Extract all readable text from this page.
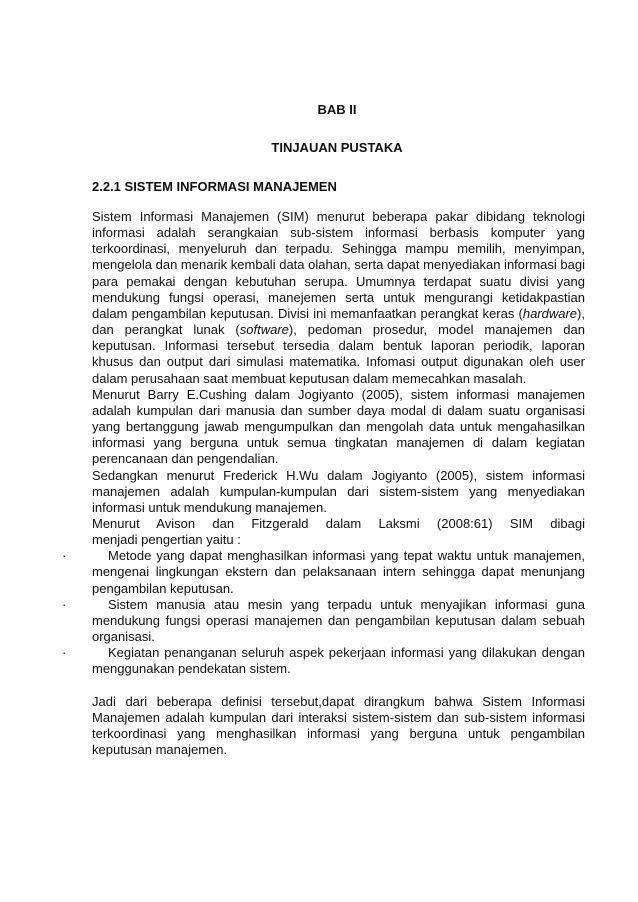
BAB II
TINJAUAN PUSTAKA
2.2.1 SISTEM INFORMASI MANAJEMEN

Sistem Informasi Manajemen (SIM) menurut beberapa pakar dibidang teknologi informasi adalah serangkaian sub-sistem informasi berbasis komputer yang terkoordinasi, menyeluruh dan terpadu. Sehingga mampu memilih, menyimpan, mengelola dan menarik kembali data olahan, serta dapat menyediakan informasi bagi para pemakai dengan kebutuhan serupa. Umumnya terdapat suatu divisi yang mendukung fungsi operasi, manejemen serta untuk mengurangi ketidakpastian dalam pengambilan keputusan. Divisi ini memanfaatkan perangkat keras (hardware), dan perangkat lunak (software), pedoman prosedur, model manajemen dan keputusan. Informasi tersebut tersedia dalam bentuk laporan periodik, laporan khusus dan output dari simulasi matematika. Infomasi output digunakan oleh user dalam perusahaan saat membuat keputusan dalam memecahkan masalah.

Menurut Barry E.Cushing dalam Jogiyanto (2005), sistem informasi manajemen adalah kumpulan dari manusia dan sumber daya modal di dalam suatu organisasi yang bertanggung jawab mengumpulkan dan mengolah data untuk mengahasilkan informasi yang berguna untuk semua tingkatan manajemen di dalam kegiatan perencanaan dan pengendalian.

Sedangkan menurut Frederick H.Wu dalam Jogiyanto (2005), sistem informasi manajemen adalah kumpulan-kumpulan dari sistem-sistem yang menyediakan informasi untuk mendukung manajemen.

Menurut Avison dan Fitzgerald dalam Laksmi (2008:61) SIM dibagi

menjadi pengertian yaitu :

·	Metode yang dapat menghasilkan informasi yang tepat waktu untuk manajemen, mengenai lingkungan ekstern dan pelaksanaan intern sehingga dapat menunjang pengambilan keputusan.

·	Sistem manusia atau mesin yang terpadu untuk menyajikan informasi guna mendukung fungsi operasi manajemen dan pengambilan keputusan dalam sebuah organisasi.

·	Kegiatan penanganan seluruh aspek pekerjaan informasi yang dilakukan dengan menggunakan pendekatan sistem.

Jadi dari beberapa definisi tersebut,dapat dirangkum bahwa Sistem Informasi Manajemen adalah kumpulan dari interaksi sistem-sistem dan sub-sistem informasi terkoordinasi yang menghasilkan informasi yang berguna untuk pengambilan keputusan manajemen.
